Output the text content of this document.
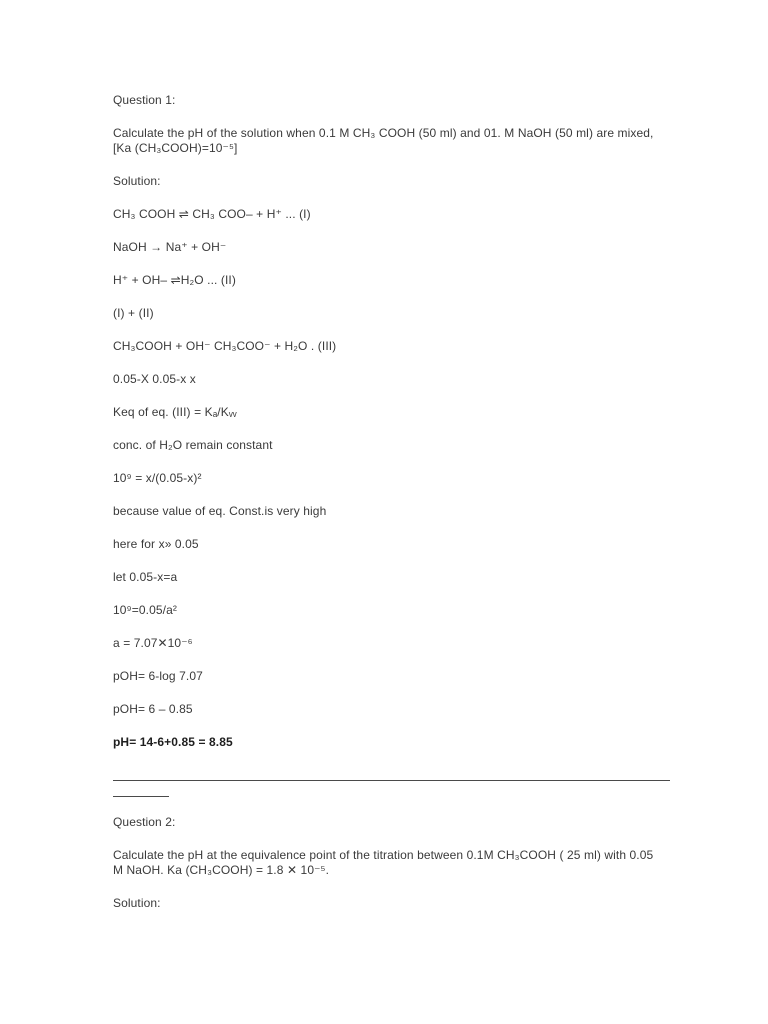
Question 1:
Calculate the pH of the solution when 0.1 M CH₃ COOH (50 ml) and 01. M NaOH (50 ml) are mixed,
[Ka (CH₃COOH)=10⁻⁵]
Solution:
CH₃ COOH ⇌ CH₃ COO– + H⁺ ... (I)
NaOH → Na⁺ + OH⁻
H⁺ + OH– ⇌H₂O ... (II)
(I) + (II)
CH₃COOH + OH⁻ CH₃COO⁻ + H₂O . (III)
0.05-X 0.05-x x
Keq of eq. (III) = Kₐ/Kᵥᵥ
conc. of H₂O remain constant
10⁹ = x/(0.05-x)²
because value of eq. Const.is very high
here for x» 0.05
let 0.05-x=a
10⁹=0.05/a²
a = 7.07✕10⁻⁶
pOH= 6-log 7.07
pOH= 6 – 0.85
pH= 14-6+0.85 = 8.85
Question 2:
Calculate the pH at the equivalence point of the titration between 0.1M CH₃COOH ( 25 ml) with 0.05
M NaOH. Ka (CH₃COOH) = 1.8 ✕ 10⁻⁵.
Solution:
